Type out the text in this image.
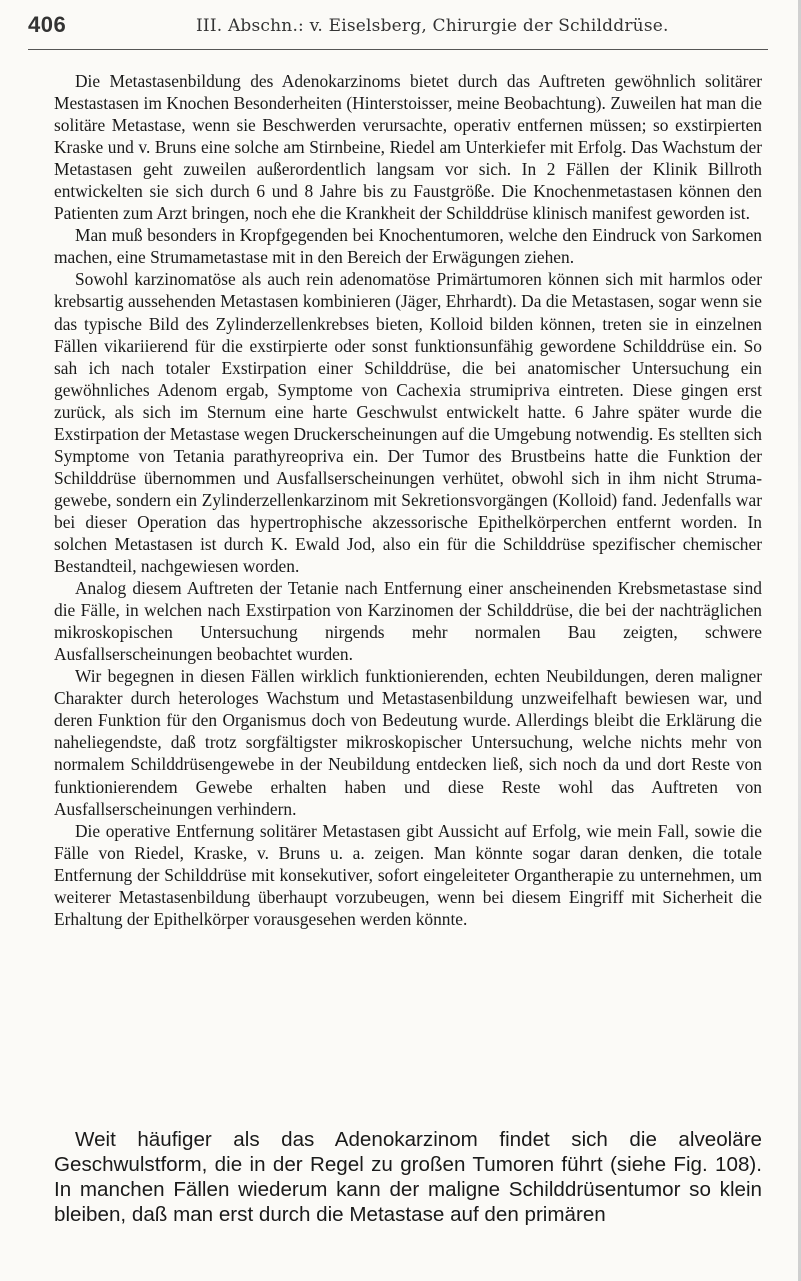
406	III. Abschn.: v. Eiselsberg, Chirurgie der Schilddrüse.

Die Metastasenbildung des Adenokarzinoms bietet durch das Auftreten gewöhnlich solitärer Mestastasen im Knochen Besonderheiten (Hinterstoisser, meine Beobachtung). Zuweilen hat man die solitäre Metastase, wenn sie Beschwerden verursachte, operativ entfernen müssen; so exstirpierten Kraske und v. Bruns eine solche am Stirnbeine, Riedel am Unterkiefer mit Erfolg. Das Wachstum der Metastasen geht zuweilen außerordentlich langsam vor sich. In 2 Fällen der Klinik Billroth entwickelten sie sich durch 6 und 8 Jahre bis zu Faustgröße. Die Knochenmetastasen können den Patienten zum Arzt bringen, noch ehe die Krankheit der Schilddrüse klinisch manifest geworden ist.

Man muß besonders in Kropfgegenden bei Knochentumoren, welche den Eindruck von Sarkomen machen, eine Strumametastase mit in den Bereich der Erwägungen ziehen.

Sowohl karzinomatöse als auch rein adenomatöse Primärtumoren können sich mit harmlos oder krebsartig aussehenden Metastasen kombinieren (Jäger, Ehrhardt). Da die Metastasen, sogar wenn sie das typische Bild des Zylinderzellenkrebses bieten, Kolloid bilden können, treten sie in einzelnen Fällen vikariierend für die exstirpierte oder sonst funktionsunfähig gewordene Schilddrüse ein. So sah ich nach totaler Exstirpation einer Schilddrüse, die bei anatomischer Untersuchung ein gewöhnliches Adenom ergab, Symptome von Cachexia strumipriva eintreten. Diese gingen erst zurück, als sich im Sternum eine harte Geschwulst entwickelt hatte. 6 Jahre später wurde die Exstirpation der Metastase wegen Druckerscheinungen auf die Umgebung notwendig. Es stellten sich Symptome von Tetania parathyreopriva ein. Der Tumor des Brustbeins hatte die Funktion der Schilddrüse übernommen und Ausfallserscheinungen verhütet, obwohl sich in ihm nicht Strumagewebe, sondern ein Zylinderzellenkarzinom mit Sekretionsvorgängen (Kolloid) fand. Jedenfalls war bei dieser Operation das hypertrophische akzessorische Epithelkörperchen entfernt worden. In solchen Metastasen ist durch K. Ewald Jod, also ein für die Schilddrüse spezifischer chemischer Bestandteil, nachgewiesen worden.

Analog diesem Auftreten der Tetanie nach Entfernung einer anscheinenden Krebsmetastase sind die Fälle, in welchen nach Exstirpation von Karzinomen der Schilddrüse, die bei der nachträglichen mikroskopischen Untersuchung nirgends mehr normalen Bau zeigten, schwere Ausfallserscheinungen beobachtet wurden.

Wir begegnen in diesen Fällen wirklich funktionierenden, echten Neubildungen, deren maligner Charakter durch heterologes Wachstum und Metastasenbildung unzweifelhaft bewiesen war, und deren Funktion für den Organismus doch von Bedeutung wurde. Allerdings bleibt die Erklärung die naheliegendste, daß trotz sorgfältigster mikroskopischer Untersuchung, welche nichts mehr von normalem Schilddrüsengewebe in der Neubildung entdecken ließ, sich noch da und dort Reste von funktionierendem Gewebe erhalten haben und diese Reste wohl das Auftreten von Ausfallserscheinungen verhindern.

Die operative Entfernung solitärer Metastasen gibt Aussicht auf Erfolg, wie mein Fall, sowie die Fälle von Riedel, Kraske, v. Bruns u. a. zeigen. Man könnte sogar daran denken, die totale Entfernung der Schilddrüse mit konsekutiver, sofort eingeleiteter Organtherapie zu unternehmen, um weiterer Metastasenbildung überhaupt vorzubeugen, wenn bei diesem Eingriff mit Sicherheit die Erhaltung der Epithelkörper vorausgesehen werden könnte.

Weit häufiger als das Adenokarzinom findet sich die alveoläre Geschwulstform, die in der Regel zu großen Tumoren führt (siehe Fig. 108). In manchen Fällen wiederum kann der maligne Schilddrüsentumor so klein bleiben, daß man erst durch die Metastase auf den primären
